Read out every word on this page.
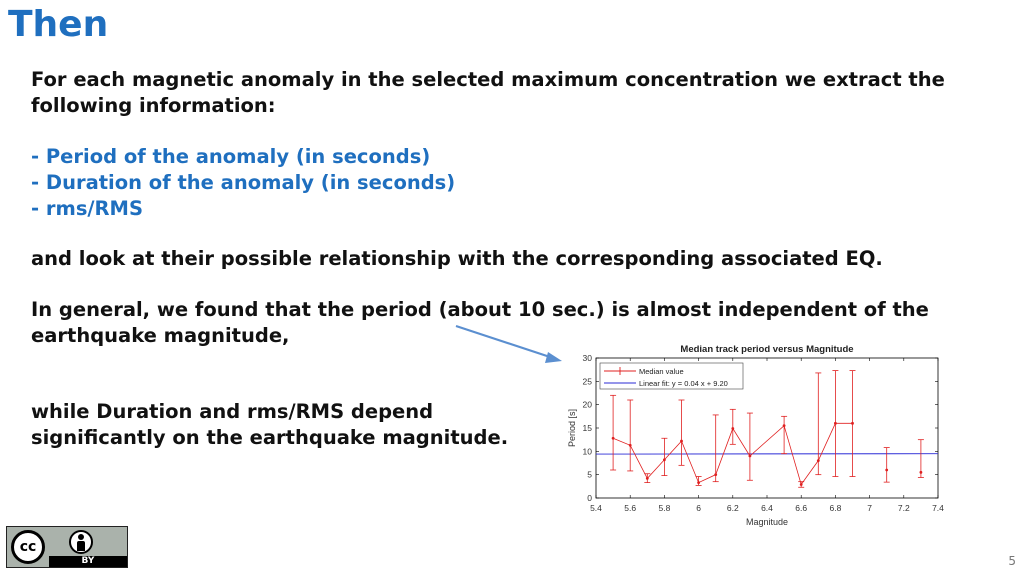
Then

For each magnetic anomaly in the selected maximum concentration we extract the following information:

- Period of the anomaly (in seconds)
- Duration of the anomaly (in seconds)
- rms/RMS

and look at their possible relationship with the corresponding associated EQ.

In general, we found that the period (about 10 sec.) is almost independent of the earthquake magnitude,

while Duration and rms/RMS depend significantly on the earthquake magnitude.

Median track period versus Magnitude
5.4	5.6	5.8	6	6.2	6.4	6.6	6.8	7	7.2	7.4
0
5
10
15
20
25
30
Magnitude
Period [s]
Median value
Linear fit: y = 0.04 x + 9.20
cc
BY	5
